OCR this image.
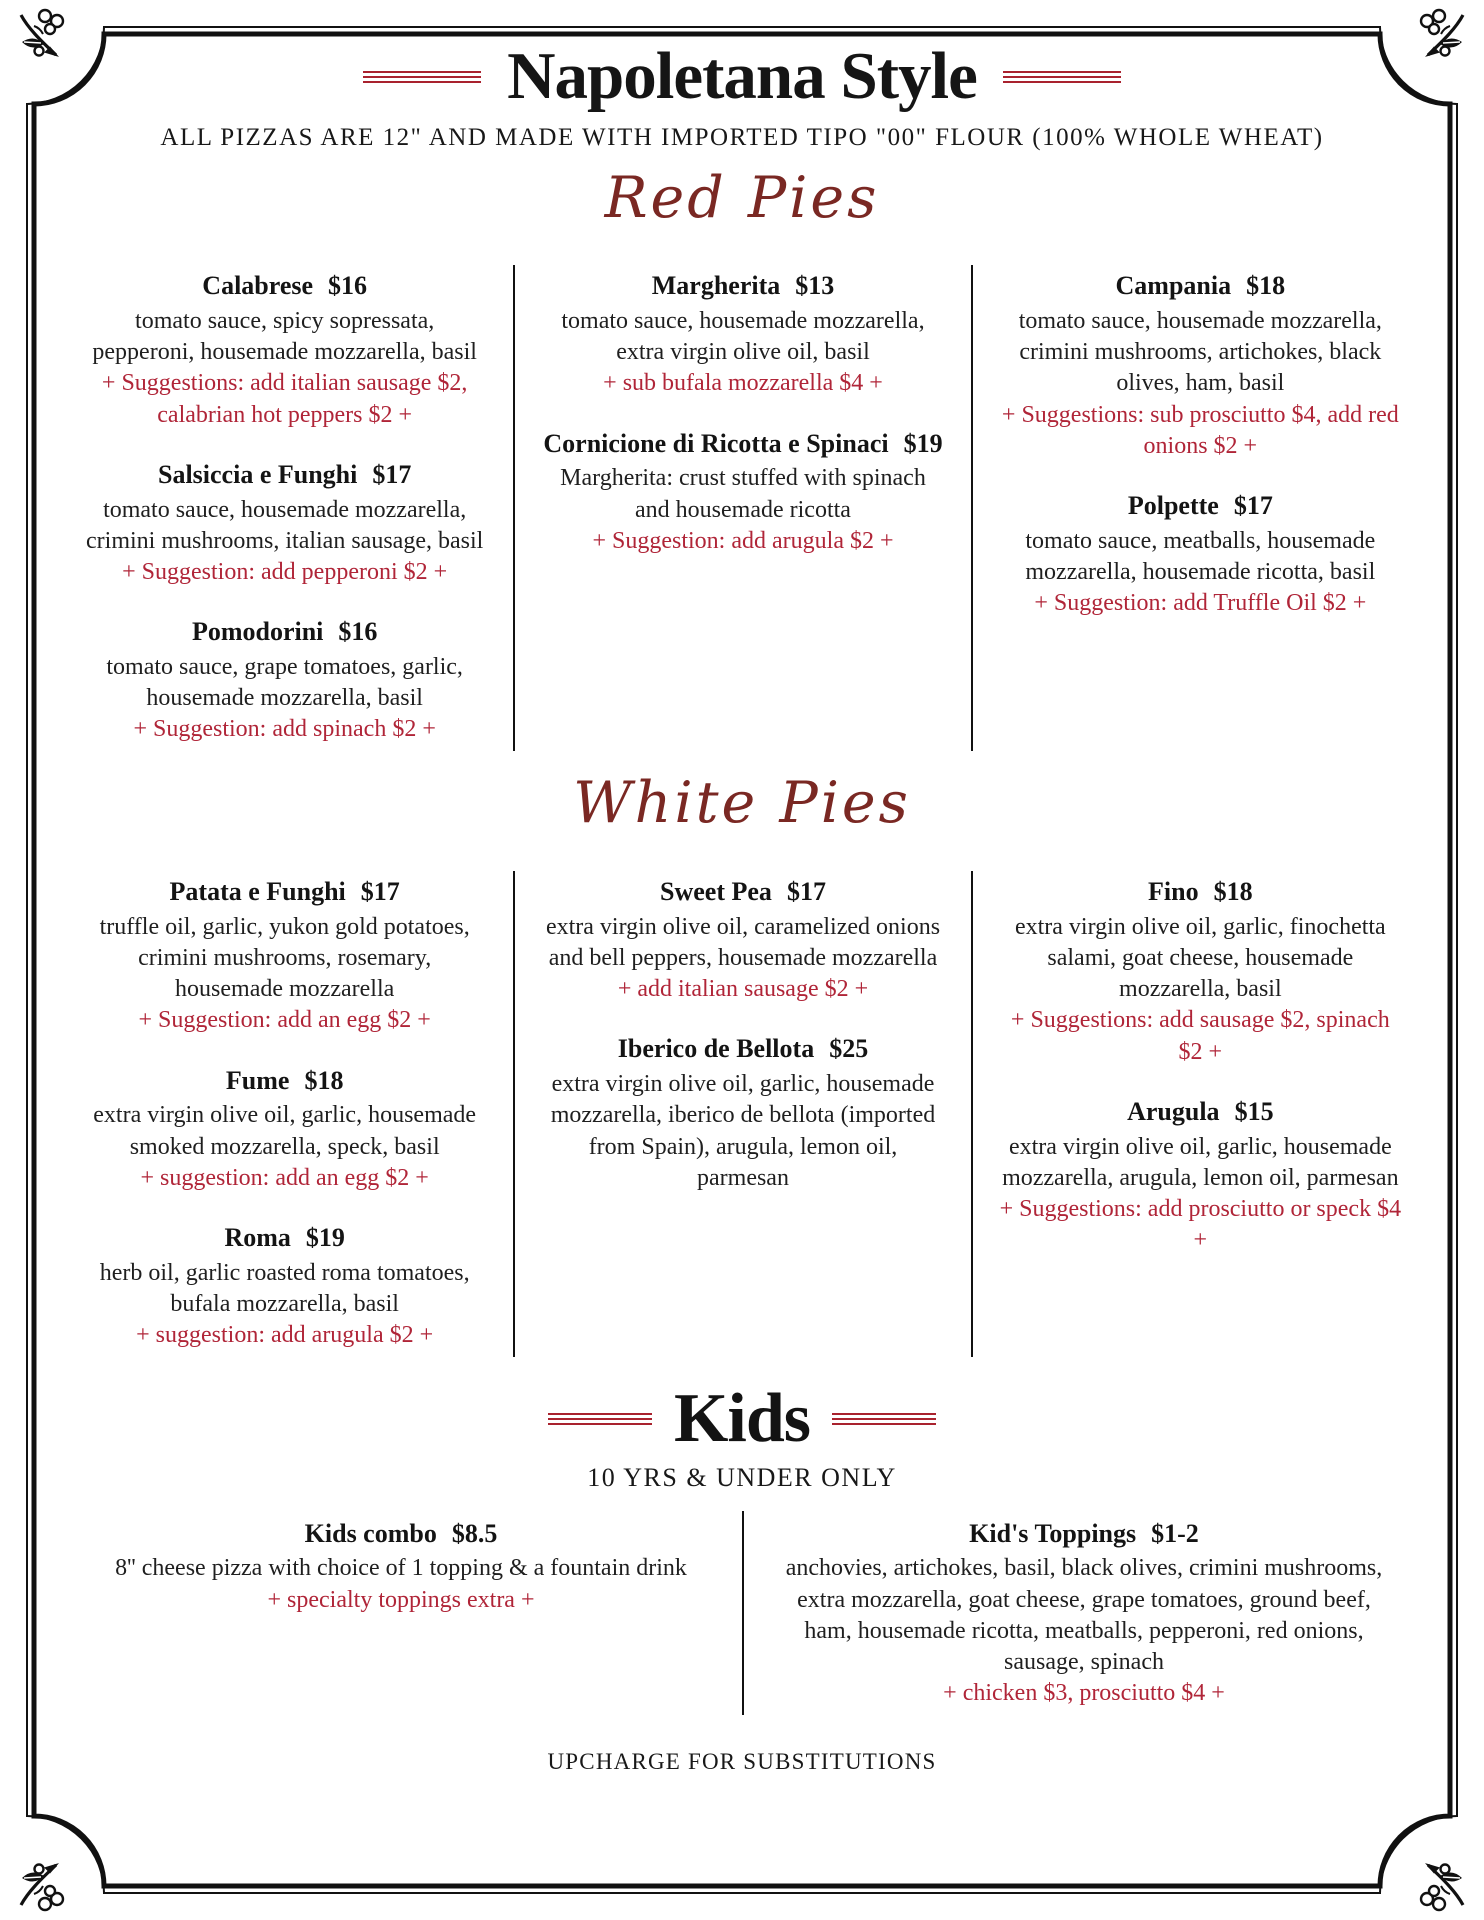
Napoletana Style

ALL PIZZAS ARE 12" AND MADE WITH IMPORTED TIPO "00" FLOUR (100% WHOLE WHEAT)

Red Pies
Calabrese $16

tomato sauce, spicy sopressata, pepperoni, housemade mozzarella, basil

+ Suggestions: add italian sausage $2, calabrian hot peppers $2 +

Salsiccia e Funghi $17

tomato sauce, housemade mozzarella, crimini mushrooms, italian sausage, basil

+ Suggestion: add pepperoni $2 +

Pomodorini $16

tomato sauce, grape tomatoes, garlic, housemade mozzarella, basil

+ Suggestion: add spinach $2 +

Margherita $13

tomato sauce, housemade mozzarella, extra virgin olive oil, basil

+ sub bufala mozzarella $4 +

Cornicione di Ricotta e Spinaci $19

Margherita: crust stuffed with spinach and housemade ricotta

+ Suggestion: add arugula $2 +

Campania $18

tomato sauce, housemade mozzarella, crimini mushrooms, artichokes, black olives, ham, basil

+ Suggestions: sub prosciutto $4, add red onions $2 +

Polpette $17

tomato sauce, meatballs, housemade mozzarella, housemade ricotta, basil

+ Suggestion: add Truffle Oil $2 +

White Pies
Patata e Funghi $17

truffle oil, garlic, yukon gold potatoes, crimini mushrooms, rosemary, housemade mozzarella

+ Suggestion: add an egg $2 +

Fume $18

extra virgin olive oil, garlic, housemade smoked mozzarella, speck, basil

+ suggestion: add an egg $2 +

Roma $19

herb oil, garlic roasted roma tomatoes, bufala mozzarella, basil

+ suggestion: add arugula $2 +

Sweet Pea $17

extra virgin olive oil, caramelized onions and bell peppers, housemade mozzarella

+ add italian sausage $2 +

Iberico de Bellota $25

extra virgin olive oil, garlic, housemade mozzarella, iberico de bellota (imported from Spain), arugula, lemon oil, parmesan

Fino $18

extra virgin olive oil, garlic, finochetta salami, goat cheese, housemade mozzarella, basil

+ Suggestions: add sausage $2, spinach $2 +

Arugula $15

extra virgin olive oil, garlic, housemade mozzarella, arugula, lemon oil, parmesan

+ Suggestions: add prosciutto or speck $4 +

Kids

10 YRS & UNDER ONLY

Kids combo $8.5

8'' cheese pizza with choice of 1 topping & a fountain drink

+ specialty toppings extra +

Kid's Toppings $1-2

anchovies, artichokes, basil, black olives, crimini mushrooms, extra mozzarella, goat cheese, grape tomatoes, ground beef, ham, housemade ricotta, meatballs, pepperoni, red onions, sausage, spinach

+ chicken $3, prosciutto $4 +

UPCHARGE FOR SUBSTITUTIONS
